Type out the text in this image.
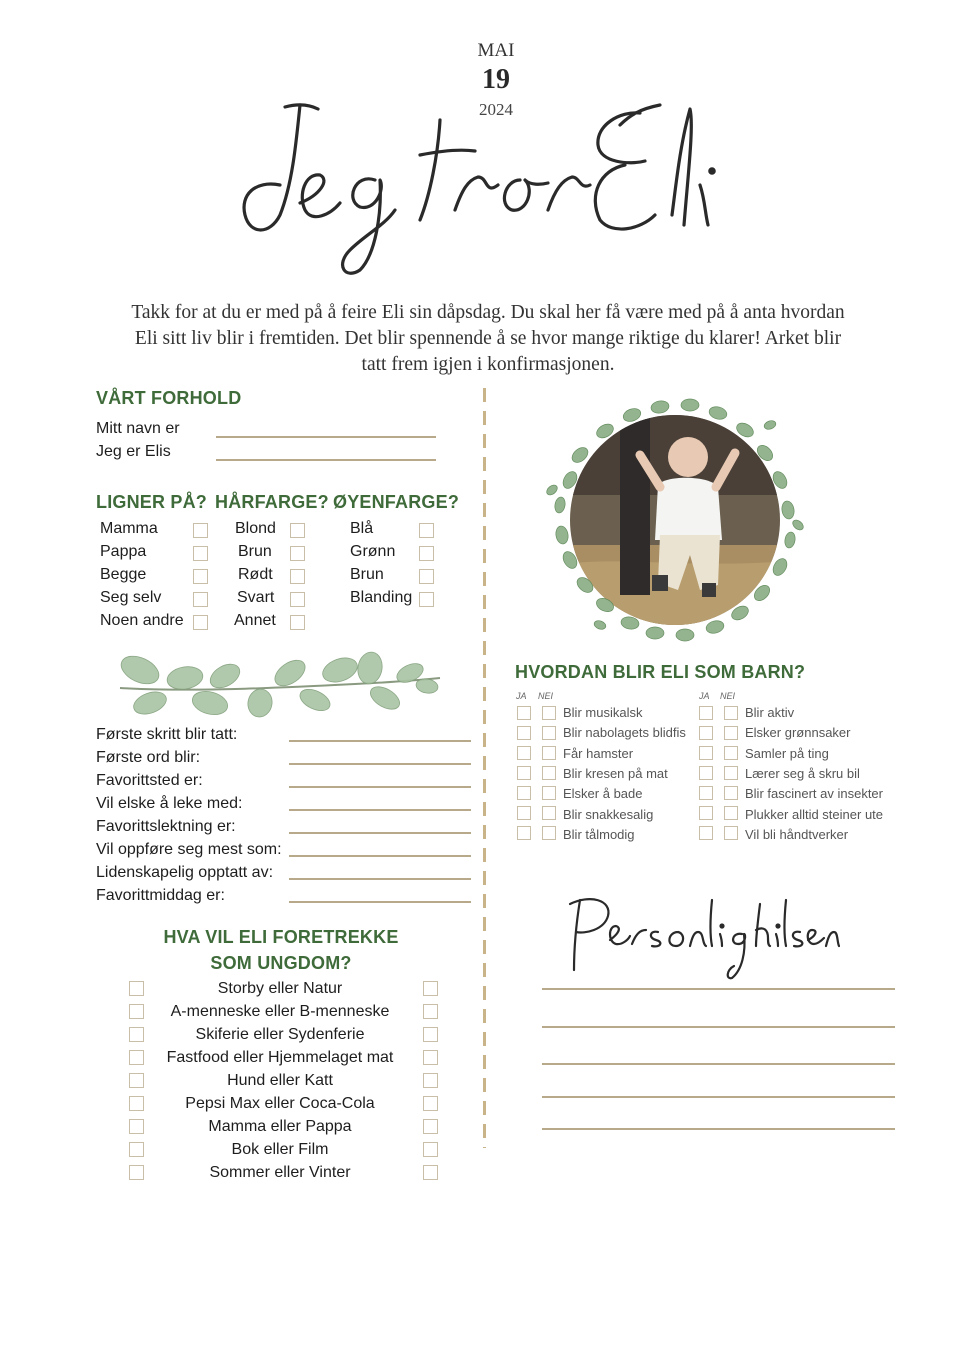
MAI
19
2024
Jeg tror Eli
Takk for at du er med på å feire Eli sin dåpsdag. Du skal her få være med på å anta hvordan Eli sitt liv blir i fremtiden. Det blir spennende å se hvor mange riktige du klarer! Arket blir tatt frem igjen i konfirmasjonen.
VÅRT FORHOLD
Mitt navn er
Jeg er Elis
LIGNER PÅ? HÅRFARGE? ØYENFARGE?
Mamma
Pappa
Begge
Seg selv
Noen andre
Blond
Brun
Rødt
Svart
Annet
Blå
Grønn
Brun
Blanding
Første skritt blir tatt:
Første ord blir:
Favorittsted er:
Vil elske å leke med:
Favorittslektning er:
Vil oppføre seg mest som:
Lidenskapelig opptatt av:
Favorittmiddag er:
HVA VIL ELI FORETREKKE
SOM UNGDOM?
Storby eller Natur
A-menneske eller B-menneske
Skiferie eller Sydenferie
Fastfood eller Hjemmelaget mat
Hund eller Katt
Pepsi Max eller Coca-Cola
Mamma eller Pappa
Bok eller Film
Sommer eller Vinter
HVORDAN BLIR ELI SOM BARN?
JA NEI	JA NEI
Blir musikalsk
Blir nabolagets blidfis
Får hamster
Blir kresen på mat
Elsker å bade
Blir snakkesalig
Blir tålmodig
Blir aktiv
Elsker grønnsaker
Samler på ting
Lærer seg å skru bil
Blir fascinert av insekter
Plukker alltid steiner ute
Vil bli håndtverker
Personlig hilsen
